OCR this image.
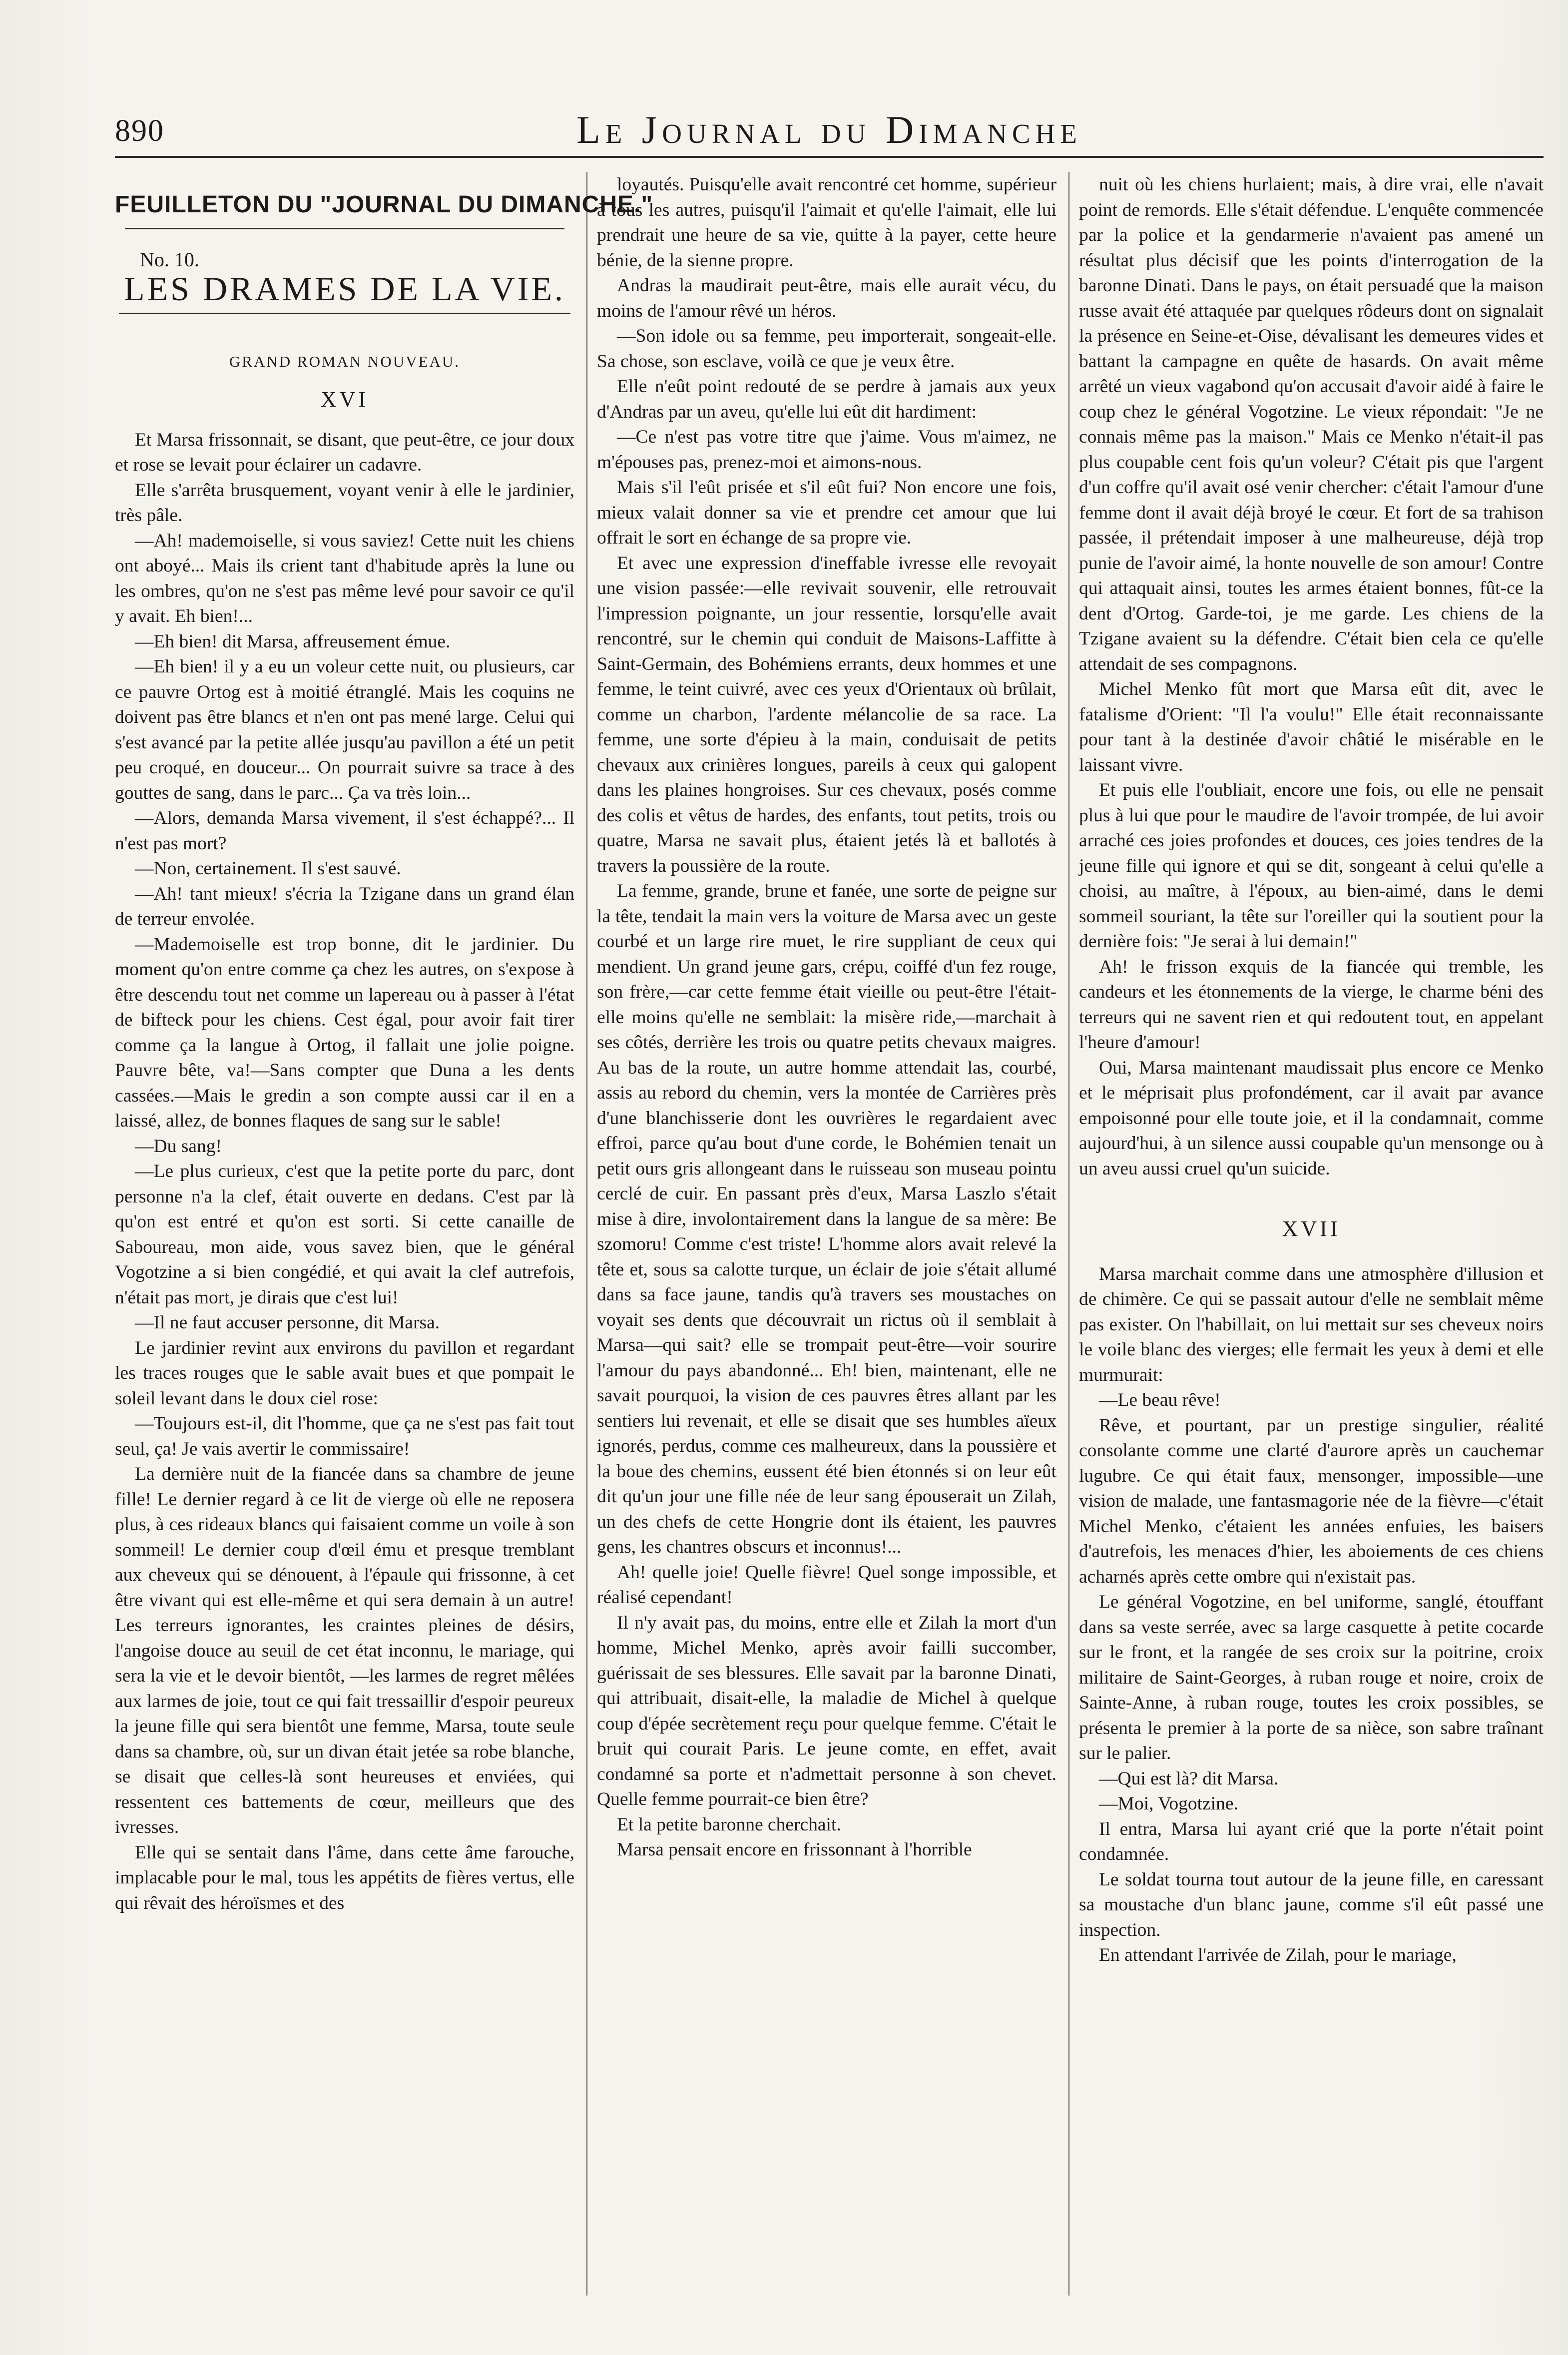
890	Le Journal du Dimanche
FEUILLETON DU "JOURNAL DU DIMANCHE."

No. 10.

LES DRAMES DE LA VIE.
GRAND ROMAN NOUVEAU.
XVI

Et Marsa frissonnait, se disant, que peut-être, ce jour doux et rose se levait pour éclairer un cadavre.

Elle s'arrêta brusquement, voyant venir à elle le jardinier, très pâle.

—Ah! mademoiselle, si vous saviez! Cette nuit les chiens ont aboyé... Mais ils crient tant d'habitude après la lune ou les ombres, qu'on ne s'est pas même levé pour savoir ce qu'il y avait. Eh bien!...

—Eh bien! dit Marsa, affreusement émue.

—Eh bien! il y a eu un voleur cette nuit, ou plusieurs, car ce pauvre Ortog est à moitié étranglé. Mais les coquins ne doivent pas être blancs et n'en ont pas mené large. Celui qui s'est avancé par la petite allée jusqu'au pavillon a été un petit peu croqué, en douceur... On pourrait suivre sa trace à des gouttes de sang, dans le parc... Ça va très loin...

—Alors, demanda Marsa vivement, il s'est échappé?... Il n'est pas mort?

—Non, certainement. Il s'est sauvé.

—Ah! tant mieux! s'écria la Tzigane dans un grand élan de terreur envolée.

—Mademoiselle est trop bonne, dit le jardinier. Du moment qu'on entre comme ça chez les autres, on s'expose à être descendu tout net comme un lapereau ou à passer à l'état de bifteck pour les chiens. Cest égal, pour avoir fait tirer comme ça la langue à Ortog, il fallait une jolie poigne. Pauvre bête, va!—Sans compter que Duna a les dents cassées.—Mais le gredin a son compte aussi car il en a laissé, allez, de bonnes flaques de sang sur le sable!

—Du sang!

—Le plus curieux, c'est que la petite porte du parc, dont personne n'a la clef, était ouverte en dedans. C'est par là qu'on est entré et qu'on est sorti. Si cette canaille de Saboureau, mon aide, vous savez bien, que le général Vogotzine a si bien congédié, et qui avait la clef autrefois, n'était pas mort, je dirais que c'est lui!

—Il ne faut accuser personne, dit Marsa.

Le jardinier revint aux environs du pavillon et regardant les traces rouges que le sable avait bues et que pompait le soleil levant dans le doux ciel rose:

—Toujours est-il, dit l'homme, que ça ne s'est pas fait tout seul, ça! Je vais avertir le commissaire!

La dernière nuit de la fiancée dans sa chambre de jeune fille! Le dernier regard à ce lit de vierge où elle ne reposera plus, à ces rideaux blancs qui faisaient comme un voile à son sommeil! Le dernier coup d'œil ému et presque tremblant aux cheveux qui se dénouent, à l'épaule qui frissonne, à cet être vivant qui est elle-même et qui sera demain à un autre! Les terreurs ignorantes, les craintes pleines de désirs, l'angoise douce au seuil de cet état inconnu, le mariage, qui sera la vie et le devoir bientôt, —les larmes de regret mêlées aux larmes de joie, tout ce qui fait tressaillir d'espoir peureux la jeune fille qui sera bientôt une femme, Marsa, toute seule dans sa chambre, où, sur un divan était jetée sa robe blanche, se disait que celles-là sont heureuses et enviées, qui ressentent ces battements de cœur, meilleurs que des ivresses.

Elle qui se sentait dans l'âme, dans cette âme farouche, implacable pour le mal, tous les appétits de fières vertus, elle qui rêvait des héroïsmes et des

loyautés. Puisqu'elle avait rencontré cet homme, supérieur à tous les autres, puisqu'il l'aimait et qu'elle l'aimait, elle lui prendrait une heure de sa vie, quitte à la payer, cette heure bénie, de la sienne propre.

Andras la maudirait peut-être, mais elle aurait vécu, du moins de l'amour rêvé un héros.

—Son idole ou sa femme, peu importerait, songeait-elle. Sa chose, son esclave, voilà ce que je veux être.

Elle n'eût point redouté de se perdre à jamais aux yeux d'Andras par un aveu, qu'elle lui eût dit hardiment:

—Ce n'est pas votre titre que j'aime. Vous m'aimez, ne m'épouses pas, prenez-moi et aimons-nous.

Mais s'il l'eût prisée et s'il eût fui? Non encore une fois, mieux valait donner sa vie et prendre cet amour que lui offrait le sort en échange de sa propre vie.

Et avec une expression d'ineffable ivresse elle revoyait une vision passée:—elle revivait souvenir, elle retrouvait l'impression poignante, un jour ressentie, lorsqu'elle avait rencontré, sur le chemin qui conduit de Maisons-Laffitte à Saint-Germain, des Bohémiens errants, deux hommes et une femme, le teint cuivré, avec ces yeux d'Orientaux où brûlait, comme un charbon, l'ardente mélancolie de sa race. La femme, une sorte d'épieu à la main, conduisait de petits chevaux aux crinières longues, pareils à ceux qui galopent dans les plaines hongroises. Sur ces chevaux, posés comme des colis et vêtus de hardes, des enfants, tout petits, trois ou quatre, Marsa ne savait plus, étaient jetés là et ballotés à travers la poussière de la route.

La femme, grande, brune et fanée, une sorte de peigne sur la tête, tendait la main vers la voiture de Marsa avec un geste courbé et un large rire muet, le rire suppliant de ceux qui mendient. Un grand jeune gars, crépu, coiffé d'un fez rouge, son frère,—car cette femme était vieille ou peut-être l'était-elle moins qu'elle ne semblait: la misère ride,—marchait à ses côtés, derrière les trois ou quatre petits chevaux maigres. Au bas de la route, un autre homme attendait las, courbé, assis au rebord du chemin, vers la montée de Carrières près d'une blanchisserie dont les ouvrières le regardaient avec effroi, parce qu'au bout d'une corde, le Bohémien tenait un petit ours gris allongeant dans le ruisseau son museau pointu cerclé de cuir. En passant près d'eux, Marsa Laszlo s'était mise à dire, involontairement dans la langue de sa mère: Be szomoru! Comme c'est triste! L'homme alors avait relevé la tête et, sous sa calotte turque, un éclair de joie s'était allumé dans sa face jaune, tandis qu'à travers ses moustaches on voyait ses dents que découvrait un rictus où il semblait à Marsa—qui sait? elle se trompait peut-être—voir sourire l'amour du pays abandonné... Eh! bien, maintenant, elle ne savait pourquoi, la vision de ces pauvres êtres allant par les sentiers lui revenait, et elle se disait que ses humbles aïeux ignorés, perdus, comme ces malheureux, dans la poussière et la boue des chemins, eussent été bien étonnés si on leur eût dit qu'un jour une fille née de leur sang épouserait un Zilah, un des chefs de cette Hongrie dont ils étaient, les pauvres gens, les chantres obscurs et inconnus!...

Ah! quelle joie! Quelle fièvre! Quel songe impossible, et réalisé cependant!

Il n'y avait pas, du moins, entre elle et Zilah la mort d'un homme, Michel Menko, après avoir failli succomber, guérissait de ses blessures. Elle savait par la baronne Dinati, qui attribuait, disait-elle, la maladie de Michel à quelque coup d'épée secrètement reçu pour quelque femme. C'était le bruit qui courait Paris. Le jeune comte, en effet, avait condamné sa porte et n'admettait personne à son chevet. Quelle femme pourrait-ce bien être?

Et la petite baronne cherchait.

Marsa pensait encore en frissonnant à l'horrible

nuit où les chiens hurlaient; mais, à dire vrai, elle n'avait point de remords. Elle s'était défendue. L'enquête commencée par la police et la gendarmerie n'avaient pas amené un résultat plus décisif que les points d'interrogation de la baronne Dinati. Dans le pays, on était persuadé que la maison russe avait été attaquée par quelques rôdeurs dont on signalait la présence en Seine-et-Oise, dévalisant les demeures vides et battant la campagne en quête de hasards. On avait même arrêté un vieux vagabond qu'on accusait d'avoir aidé à faire le coup chez le général Vogotzine. Le vieux répondait: "Je ne connais même pas la maison." Mais ce Menko n'était-il pas plus coupable cent fois qu'un voleur? C'était pis que l'argent d'un coffre qu'il avait osé venir chercher: c'était l'amour d'une femme dont il avait déjà broyé le cœur. Et fort de sa trahison passée, il prétendait imposer à une malheureuse, déjà trop punie de l'avoir aimé, la honte nouvelle de son amour! Contre qui attaquait ainsi, toutes les armes étaient bonnes, fût-ce la dent d'Ortog. Garde-toi, je me garde. Les chiens de la Tzigane avaient su la défendre. C'était bien cela ce qu'elle attendait de ses compagnons.

Michel Menko fût mort que Marsa eût dit, avec le fatalisme d'Orient: "Il l'a voulu!" Elle était reconnaissante pour tant à la destinée d'avoir châtié le misérable en le laissant vivre.

Et puis elle l'oubliait, encore une fois, ou elle ne pensait plus à lui que pour le maudire de l'avoir trompée, de lui avoir arraché ces joies profondes et douces, ces joies tendres de la jeune fille qui ignore et qui se dit, songeant à celui qu'elle a choisi, au maître, à l'époux, au bien-aimé, dans le demi sommeil souriant, la tête sur l'oreiller qui la soutient pour la dernière fois: "Je serai à lui demain!"

Ah! le frisson exquis de la fiancée qui tremble, les candeurs et les étonnements de la vierge, le charme béni des terreurs qui ne savent rien et qui redoutent tout, en appelant l'heure d'amour!

Oui, Marsa maintenant maudissait plus encore ce Menko et le méprisait plus profondément, car il avait par avance empoisonné pour elle toute joie, et il la condamnait, comme aujourd'hui, à un silence aussi coupable qu'un mensonge ou à un aveu aussi cruel qu'un suicide.

XVII

Marsa marchait comme dans une atmosphère d'illusion et de chimère. Ce qui se passait autour d'elle ne semblait même pas exister. On l'habillait, on lui mettait sur ses cheveux noirs le voile blanc des vierges; elle fermait les yeux à demi et elle murmurait:

—Le beau rêve!

Rêve, et pourtant, par un prestige singulier, réalité consolante comme une clarté d'aurore après un cauchemar lugubre. Ce qui était faux, mensonger, impossible—une vision de malade, une fantasmagorie née de la fièvre—c'était Michel Menko, c'étaient les années enfuies, les baisers d'autrefois, les menaces d'hier, les aboiements de ces chiens acharnés après cette ombre qui n'existait pas.

Le général Vogotzine, en bel uniforme, sanglé, étouffant dans sa veste serrée, avec sa large casquette à petite cocarde sur le front, et la rangée de ses croix sur la poitrine, croix militaire de Saint-Georges, à ruban rouge et noire, croix de Sainte-Anne, à ruban rouge, toutes les croix possibles, se présenta le premier à la porte de sa nièce, son sabre traînant sur le palier.

—Qui est là? dit Marsa.

—Moi, Vogotzine.

Il entra, Marsa lui ayant crié que la porte n'était point condamnée.

Le soldat tourna tout autour de la jeune fille, en caressant sa moustache d'un blanc jaune, comme s'il eût passé une inspection.

En attendant l'arrivée de Zilah, pour le mariage,
